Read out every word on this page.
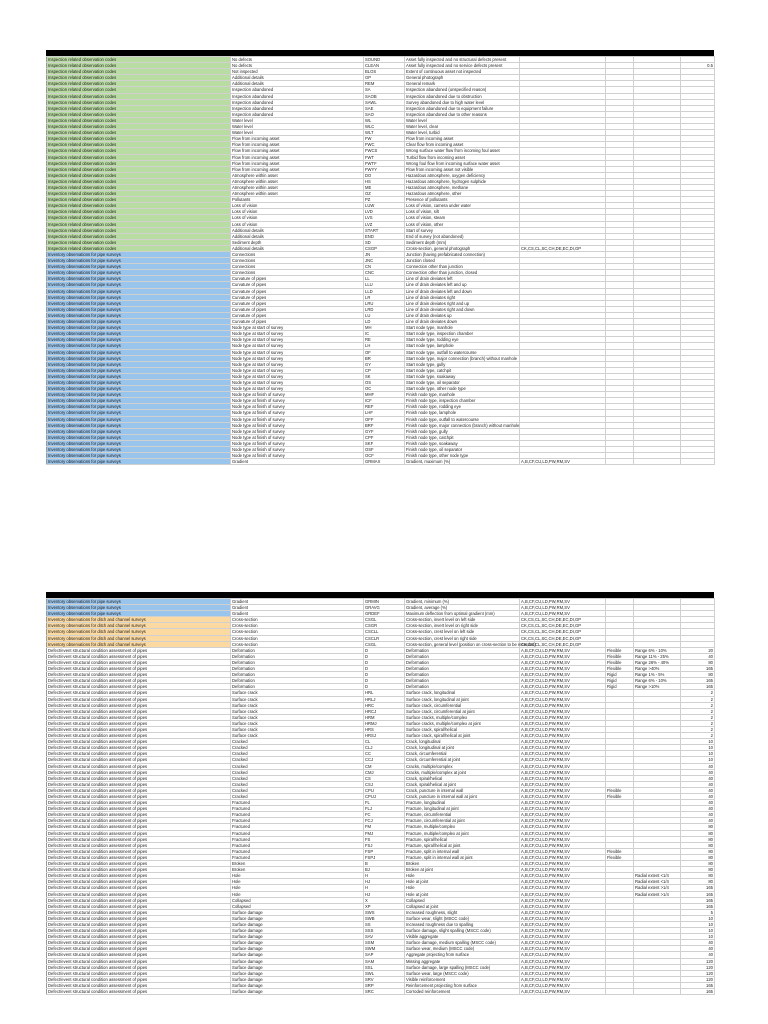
Inspection related observation codes	No defects	SOUND	Asset fully inspected and no structural defects present				
Inspection related observation codes	No defects	CLEAN	Asset fully inspected and no service defects present				0.5
Inspection related observation codes	Not inspected	BLOS	Extent of continuous asset not inspected				
Inspection related observation codes	Additional details	GP	General photograph				
Inspection related observation codes	Additional details	REM	General remark				
Inspection related observation codes	Inspection abandoned	SA	Inspection abandoned (unspecified reason)				
Inspection related observation codes	Inspection abandoned	SAOB	Inspection abandoned due to obstruction				
Inspection related observation codes	Inspection abandoned	SAWL	Survey abandoned due to high water level				
Inspection related observation codes	Inspection abandoned	SAE	Inspection abandoned due to equipment failure				
Inspection related observation codes	Inspection abandoned	SAO	Inspection abandoned due to other reasons				
Inspection related observation codes	Water level	WL	Water level				
Inspection related observation codes	Water level	WLC	Water level, clear				
Inspection related observation codes	Water level	WLT	Water level, turbid				
Inspection related observation codes	Flow from incoming asset	FW	Flow from incoming asset				
Inspection related observation codes	Flow from incoming asset	FWC	Clear flow from incoming asset				
Inspection related observation codes	Flow from incoming asset	FWCS	Wrong surface water flow from incoming foul asset				
Inspection related observation codes	Flow from incoming asset	FWT	Turbid flow from incoming asset				
Inspection related observation codes	Flow from incoming asset	FWTF	Wrong foul flow from incoming surface water asset				
Inspection related observation codes	Flow from incoming asset	FWYY	Flow from incoming asset not visible				
Inspection related observation codes	Atmosphere within asset	DO	Hazardous atmosphere, oxygen deficiency				
Inspection related observation codes	Atmosphere within asset	HS	Hazardous atmosphere, hydrogen sulphide				
Inspection related observation codes	Atmosphere within asset	ME	Hazardous atmosphere, methane				
Inspection related observation codes	Atmosphere within asset	OZ	Hazardous atmosphere, other				
Inspection related observation codes	Pollutants	PZ	Presence of pollutants				
Inspection related observation codes	Loss of vision	LUW	Loss of vision, camera under water				
Inspection related observation codes	Loss of vision	LVD	Loss of vision, silt				
Inspection related observation codes	Loss of vision	LVS	Loss of vision, steam				
Inspection related observation codes	Loss of vision	LVZ	Loss of vision, other				
Inspection related observation codes	Additional details	START	Start of survey				
Inspection related observation codes	Additional details	END	End of survey (not abandoned)				
Inspection related observation codes	Sediment depth	SD	Sediment depth (mm)				
Inspection related observation codes	Additional details	CSGP	Cross-section, general photograph	CK,CS,CL,SC,CH,DE,EC,DI,GP			
Inventory observations for pipe surveys	Connections	JN	Junction (having prefabricated connection)				
Inventory observations for pipe surveys	Connections	JNC	Junction closed				
Inventory observations for pipe surveys	Connections	CN	Connection other than junction				
Inventory observations for pipe surveys	Connections	CNC	Connection other than junction, closed				
Inventory observations for pipe surveys	Curvature of pipes	LL	Line of drain deviates left				
Inventory observations for pipe surveys	Curvature of pipes	LLU	Line of drain deviates left and up				
Inventory observations for pipe surveys	Curvature of pipes	LLD	Line of drain deviates left and down				
Inventory observations for pipe surveys	Curvature of pipes	LR	Line of drain deviates right				
Inventory observations for pipe surveys	Curvature of pipes	LRU	Line of drain deviates right and up				
Inventory observations for pipe surveys	Curvature of pipes	LRD	Line of drain deviates right and down				
Inventory observations for pipe surveys	Curvature of pipes	LU	Line of drain deviates up				
Inventory observations for pipe surveys	Curvature of pipes	LD	Line of drain deviates down				
Inventory observations for pipe surveys	Node type at start of survey	MH	Start node type, manhole				
Inventory observations for pipe surveys	Node type at start of survey	IC	Start node type, inspection chamber				
Inventory observations for pipe surveys	Node type at start of survey	RE	Start node type, rodding eye				
Inventory observations for pipe surveys	Node type at start of survey	LH	Start node type, lamphole				
Inventory observations for pipe surveys	Node type at start of survey	OF	Start node type, outfall to watercourse				
Inventory observations for pipe surveys	Node type at start of survey	BR	Start node type, major connection (branch) without manhole				
Inventory observations for pipe surveys	Node type at start of survey	GY	Start node type, gully				
Inventory observations for pipe surveys	Node type at start of survey	CP	Start node type, catchpit				
Inventory observations for pipe surveys	Node type at start of survey	SK	Start node type, soakaway				
Inventory observations for pipe surveys	Node type at start of survey	OS	Start node type, oil separator				
Inventory observations for pipe surveys	Node type at start of survey	OC	Start node type, other node type				
Inventory observations for pipe surveys	Node type at finish of survey	MHF	Finish node type, manhole				
Inventory observations for pipe surveys	Node type at finish of survey	ICF	Finish node type, inspection chamber				
Inventory observations for pipe surveys	Node type at finish of survey	REF	Finish node type, rodding eye				
Inventory observations for pipe surveys	Node type at finish of survey	LHF	Finish node type, lamphole				
Inventory observations for pipe surveys	Node type at finish of survey	OFF	Finish node type, outfall to watercourse				
Inventory observations for pipe surveys	Node type at finish of survey	BRF	Finish node type, major connection (branch) without manhole				
Inventory observations for pipe surveys	Node type at finish of survey	GYF	Finish node type, gully				
Inventory observations for pipe surveys	Node type at finish of survey	CPF	Finish node type, catchpit				
Inventory observations for pipe surveys	Node type at finish of survey	SKF	Finish node type, soakaway				
Inventory observations for pipe surveys	Node type at finish of survey	OSF	Finish node type, oil separator				
Inventory observations for pipe surveys	Node type at finish of survey	OCF	Finish node type, other node type				
Inventory observations for pipe surveys	Gradient	GRMAX	Gradient, maximum (%)	A,B,CF,CU,LD,PW,RM,SV			
Inventory observations for pipe surveys	Gradient	GRMIN	Gradient, minimum (%)	A,B,CF,CU,LD,PW,RM,SV			
Inventory observations for pipe surveys	Gradient	GRAVG	Gradient, average (%)	A,B,CF,CU,LD,PW,RM,SV			
Inventory observations for pipe surveys	Gradient	GRDEF	Maximum deflection from optimal gradient (mm)	A,B,CF,CU,LD,PW,RM,SV			
Inventory observations for ditch and channel surveys	Cross-section	CSGL	Cross-section, invert level on left side	CK,CS,CL,SC,CH,DE,EC,DI,GP			
Inventory observations for ditch and channel surveys	Cross-section	CSGR	Cross-section, invert level on right side	CK,CS,CL,SC,CH,DE,EC,DI,GP			
Inventory observations for ditch and channel surveys	Cross-section	CSCLL	Cross-section, crest level on left side	CK,CS,CL,SC,CH,DE,EC,DI,GP			
Inventory observations for ditch and channel surveys	Cross-section	CSCLR	Cross-section, crest level on right side	CK,CS,CL,SC,CH,DE,EC,DI,GP			
Inventory observations for ditch and channel surveys	Cross-section	CSGL	Cross-section, general level (position on cross-section to be recorded)	CK,CS,CL,SC,CH,DE,EC,DI,GP			
Defect/event structural condition assessment of pipes	Deformation	D	Deformation	A,B,CF,CU,LD,PW,RM,SV	Flexible	Range 6% - 10%	20
Defect/event structural condition assessment of pipes	Deformation	D	Deformation	A,B,CF,CU,LD,PW,RM,SV	Flexible	Range 11% - 25%	40
Defect/event structural condition assessment of pipes	Deformation	D	Deformation	A,B,CF,CU,LD,PW,RM,SV	Flexible	Range 26% - 40%	80
Defect/event structural condition assessment of pipes	Deformation	D	Deformation	A,B,CF,CU,LD,PW,RM,SV	Flexible	Range >40%	165
Defect/event structural condition assessment of pipes	Deformation	D	Deformation	A,B,CF,CU,LD,PW,RM,SV	Rigid	Range 1% - 5%	80
Defect/event structural condition assessment of pipes	Deformation	D	Deformation	A,B,CF,CU,LD,PW,RM,SV	Rigid	Range 6% - 10%	165
Defect/event structural condition assessment of pipes	Deformation	D	Deformation	A,B,CF,CU,LD,PW,RM,SV	Rigid	Range >10%	165
Defect/event structural condition assessment of pipes	Surface crack	HRL	Surface crack, longitudinal	A,B,CF,CU,LD,PW,RM,SV			2
Defect/event structural condition assessment of pipes	Surface crack	HRLJ	Surface crack, longitudinal at joint	A,B,CF,CU,LD,PW,RM,SV			2
Defect/event structural condition assessment of pipes	Surface crack	HRC	Surface crack, circumferential	A,B,CF,CU,LD,PW,RM,SV			2
Defect/event structural condition assessment of pipes	Surface crack	HRCJ	Surface crack, circumferential at joint	A,B,CF,CU,LD,PW,RM,SV			2
Defect/event structural condition assessment of pipes	Surface crack	HRM	Surface cracks, multiple/complex	A,B,CF,CU,LD,PW,RM,SV			2
Defect/event structural condition assessment of pipes	Surface crack	HRMJ	Surface cracks, multiple/complex at joint	A,B,CF,CU,LD,PW,RM,SV			2
Defect/event structural condition assessment of pipes	Surface crack	HRS	Surface crack, spiral/helical	A,B,CF,CU,LD,PW,RM,SV			2
Defect/event structural condition assessment of pipes	Surface crack	HRSJ	Surface crack, spiral/helical at joint	A,B,CF,CU,LD,PW,RM,SV			2
Defect/event structural condition assessment of pipes	Cracked	CL	Crack, longitudinal	A,B,CF,CU,LD,PW,RM,SV			10
Defect/event structural condition assessment of pipes	Cracked	CLJ	Crack, longitudinal at joint	A,B,CF,CU,LD,PW,RM,SV			10
Defect/event structural condition assessment of pipes	Cracked	CC	Crack, circumferential	A,B,CF,CU,LD,PW,RM,SV			10
Defect/event structural condition assessment of pipes	Cracked	CCJ	Crack, circumferential at joint	A,B,CF,CU,LD,PW,RM,SV			10
Defect/event structural condition assessment of pipes	Cracked	CM	Cracks, multiple/complex	A,B,CF,CU,LD,PW,RM,SV			40
Defect/event structural condition assessment of pipes	Cracked	CMJ	Cracks, multiple/complex at joint	A,B,CF,CU,LD,PW,RM,SV			40
Defect/event structural condition assessment of pipes	Cracked	CS	Crack, spiral/helical	A,B,CF,CU,LD,PW,RM,SV			40
Defect/event structural condition assessment of pipes	Cracked	CSJ	Crack, spiral/helical at joint	A,B,CF,CU,LD,PW,RM,SV			40
Defect/event structural condition assessment of pipes	Cracked	CPU	Crack, puncture in internal wall	A,B,CF,CU,LD,PW,RM,SV	Flexible		40
Defect/event structural condition assessment of pipes	Cracked	CPUJ	Crack, puncture in internal wall at joint	A,B,CF,CU,LD,PW,RM,SV	Flexible		40
Defect/event structural condition assessment of pipes	Fractured	FL	Fracture, longitudinal	A,B,CF,CU,LD,PW,RM,SV			40
Defect/event structural condition assessment of pipes	Fractured	FLJ	Fracture, longitudinal at joint	A,B,CF,CU,LD,PW,RM,SV			40
Defect/event structural condition assessment of pipes	Fractured	FC	Fracture, circumferential	A,B,CF,CU,LD,PW,RM,SV			40
Defect/event structural condition assessment of pipes	Fractured	FCJ	Fracture, circumferential at joint	A,B,CF,CU,LD,PW,RM,SV			40
Defect/event structural condition assessment of pipes	Fractured	FM	Fracture, multiple/complex	A,B,CF,CU,LD,PW,RM,SV			80
Defect/event structural condition assessment of pipes	Fractured	FMJ	Fracture, multiple/complex at joint	A,B,CF,CU,LD,PW,RM,SV			80
Defect/event structural condition assessment of pipes	Fractured	FS	Fracture, spiral/helical	A,B,CF,CU,LD,PW,RM,SV			80
Defect/event structural condition assessment of pipes	Fractured	FSJ	Fracture, spiral/helical at joint	A,B,CF,CU,LD,PW,RM,SV			80
Defect/event structural condition assessment of pipes	Fractured	FSP	Fracture, split in internal wall	A,B,CF,CU,LD,PW,RM,SV	Flexible		80
Defect/event structural condition assessment of pipes	Fractured	FSPJ	Fracture, split in internal wall at joint	A,B,CF,CU,LD,PW,RM,SV	Flexible		80
Defect/event structural condition assessment of pipes	Broken	B	Broken	A,B,CF,CU,LD,PW,RM,SV			80
Defect/event structural condition assessment of pipes	Broken	BJ	Broken at joint	A,B,CF,CU,LD,PW,RM,SV			80
Defect/event structural condition assessment of pipes	Hole	H	Hole	A,B,CF,CU,LD,PW,RM,SV		Radial extent <1/4	80
Defect/event structural condition assessment of pipes	Hole	HJ	Hole at joint	A,B,CF,CU,LD,PW,RM,SV		Radial extent <1/4	80
Defect/event structural condition assessment of pipes	Hole	H	Hole	A,B,CF,CU,LD,PW,RM,SV		Radial extent >1/4	165
Defect/event structural condition assessment of pipes	Hole	HJ	Hole at joint	A,B,CF,CU,LD,PW,RM,SV		Radial extent >1/4	165
Defect/event structural condition assessment of pipes	Collapsed	X	Collapsed	A,B,CF,CU,LD,PW,RM,SV			165
Defect/event structural condition assessment of pipes	Collapsed	XP	Collapsed at joint	A,B,CF,CU,LD,PW,RM,SV			165
Defect/event structural condition assessment of pipes	Surface damage	SWS	Increased roughness, slight	A,B,CF,CU,LD,PW,RM,SV			5
Defect/event structural condition assessment of pipes	Surface damage	SWB	Surface wear, slight (MSCC code)	A,B,CF,CU,LD,PW,RM,SV			10
Defect/event structural condition assessment of pipes	Surface damage	SS	Increased roughness due to spalling	A,B,CF,CU,LD,PW,RM,SV			10
Defect/event structural condition assessment of pipes	Surface damage	SSS	Surface damage, slight spalling (MSCC code)	A,B,CF,CU,LD,PW,RM,SV			10
Defect/event structural condition assessment of pipes	Surface damage	SAV	Visible aggregate	A,B,CF,CU,LD,PW,RM,SV			10
Defect/event structural condition assessment of pipes	Surface damage	SSM	Surface damage, medium spalling (MSCC code)	A,B,CF,CU,LD,PW,RM,SV			40
Defect/event structural condition assessment of pipes	Surface damage	SWM	Surface wear, medium (MSCC code)	A,B,CF,CU,LD,PW,RM,SV			40
Defect/event structural condition assessment of pipes	Surface damage	SAP	Aggregate projecting from surface	A,B,CF,CU,LD,PW,RM,SV			40
Defect/event structural condition assessment of pipes	Surface damage	SAM	Missing aggregate	A,B,CF,CU,LD,PW,RM,SV			120
Defect/event structural condition assessment of pipes	Surface damage	SSL	Surface damage, large spalling (MSCC code)	A,B,CF,CU,LD,PW,RM,SV			120
Defect/event structural condition assessment of pipes	Surface damage	SWL	Surface wear, large (MSCC code)	A,B,CF,CU,LD,PW,RM,SV			120
Defect/event structural condition assessment of pipes	Surface damage	SRV	Visible reinforcement	A,B,CF,CU,LD,PW,RM,SV			120
Defect/event structural condition assessment of pipes	Surface damage	SRP	Reinforcement projecting from surface	A,B,CF,CU,LD,PW,RM,SV			165
Defect/event structural condition assessment of pipes	Surface damage	SRC	Corroded reinforcement	A,B,CF,CU,LD,PW,RM,SV			165
